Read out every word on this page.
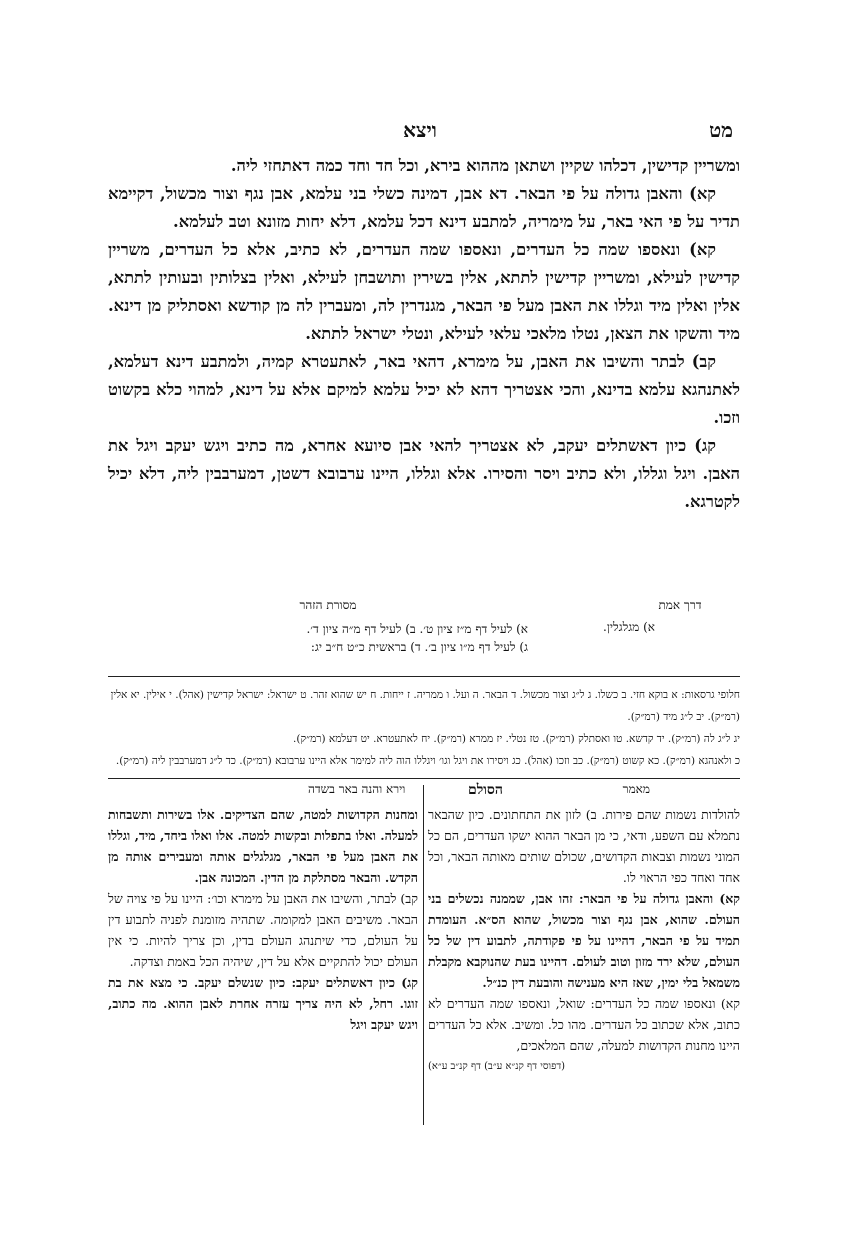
מט
ויצא

ומשריין קדישין, דכלהו שקיין ושתאן מההוא בירא, וכל חד וחד כמה דאתחזי ליה.

קא) והאבן גדולה על פי הבאר. דא אבן, דמינה כשלי בני עלמא, אבן נגף וצור מכשול, דקיימא תדיר על פי האי באר, על מימריה, למתבע דינא דכל עלמא, דלא יחות מזונא וטב לעלמא.

קא) ונאספו שמה כל העדרים, ונאספו שמה העדרים, לא כתיב, אלא כל העדרים, משריין קדישין לעילא, ומשריין קדישין לתתא, אלין בשירין ותושבחן לעילא, ואלין בצלותין ובעותין לתתא, אלין ואלין מיד וגללו את האבן מעל פי הבאר, מגנדרין לה, ומעברין לה מן קודשא ואסתליק מן דינא. מיד והשקו את הצאן, נטלו מלאכי עלאי לעילא, ונטלי ישראל לתתא.

קב) לבתר והשיבו את האבן, על מימרא, דהאי באר, לאתעטרא קמיה, ולמתבע דינא דעלמא, לאתנהגא עלמא בדינא, והכי אצטריך דהא לא יכיל עלמא למיקם אלא על דינא, למהוי כלא בקשוט וזכו.

קג) כיון דאשתלים יעקב, לא אצטריך להאי אבן סיועא אחרא, מה כתיב ויגש יעקב ויגל את האבן. ויגל וגללו, ולא כתיב ויסר והסירו. אלא וגללו, היינו ערבובא דשטן, דמערבבין ליה, דלא יכיל לקטרגא.

דרך אמת
מסורת הזהר
א) מגלגלין.
א) לעיל דף מ״ז ציון ט׳. ב) לעיל דף מ״ה ציון ד׳.
ג) לעיל דף מ״ו ציון ב׳. ד) בראשית כ״ט ח״ב יג:
חלופי גרסאות: א בוקא חזי. ב כשלו. ג ל״ג וצור מכשול. ד הבאר. ה ועל. ו ממריה. ז ייחות. ח יש שהוא זהר. ט ישראל: ישראל קדישין (אהל). י אילין. יא אלין (רמ״ק). יב ל״ג מיד (רמ״ק).
יג ל״ג לה (רמ״ק). יד קדשא. טו ואסתלק (רמ״ק). טז נטלי. יז ממרא (רמ״ק). יח לאתעטרא. יט דעלמא (רמ״ק).
כ ולאנהגא (רמ״ק). כא קשוט (רמ״ק). כב וזכו (אהל). כג ויסירו את ויגל וגו׳ ויגללו הוה ליה למימר אלא היינו ערבובא (רמ״ק). כד ל״ג דמערבבין ליה (רמ״ק).
מאמר
הסולם
וירא והנה באר בשדה

להולדות נשמות שהם פירות. ב) לזון את התחתונים. כיון שהבאר נתמלא עם השפע, ודאי, כי מן הבאר ההוא ישקו העדרים, הם כל המוני נשמות וצבאות הקדושים, שכולם שותים מאותה הבאר, וכל אחד ואחד כפי הראוי לו.

קא) והאבן גדולה על פי הבאר: זהו אבן, שממנה נכשלים בני העולם. שהוא, אבן נגף וצור מכשול, שהוא הס״א. העומדת תמיד על פי הבאר, דהיינו על פי פקודתה, לתבוע דין של כל העולם, שלא ירד מזון וטוב לעולם. דהיינו בעת שהנוקבא מקבלת משמאל בלי ימין, שאז היא מענישה והובעת דין כנ״ל.

קא) ונאספו שמה כל העדרים: שואל, ונאספו שמה העדרים לא כתוב, אלא שכתוב כל העדרים. מהו כל. ומשיב. אלא כל העדרים היינו מחנות הקדושות למעלה, שהם המלאכים,

(דפוסי דף קנ״א ע״ב) דף קנ״ב ע״א)

ומחנות הקדושות למטה, שהם הצדיקים. אלו בשירות ותשבחות למעלה. ואלו בתפלות ובקשות למטה. אלו ואלו ביחד, מיד, וגללו את האבן מעל פי הבאר, מגלגלים אותה ומעבירים אותה מן הקדש. והבאר מסתלקת מן הדין. המכונה אבן.

קב) לבתר, והשיבו את האבן על מימרא וכו׳: היינו על פי צויה של הבאר. משיבים האבן למקומה. שתהיה מזומנת לפניה לתבוע דין על העולם, כדי שיתנהג העולם בדין, וכן צריך להיות. כי אין העולם יכול להתקיים אלא על דין, שיהיה הכל באמת וצדקה.

קג) כיון דאשתלים יעקב: כיון שנשלם יעקב. כי מצא את בת זוגו. רחל, לא היה צריך עזרה אחרת לאבן ההוא. מה כתוב, ויגש יעקב ויגל
